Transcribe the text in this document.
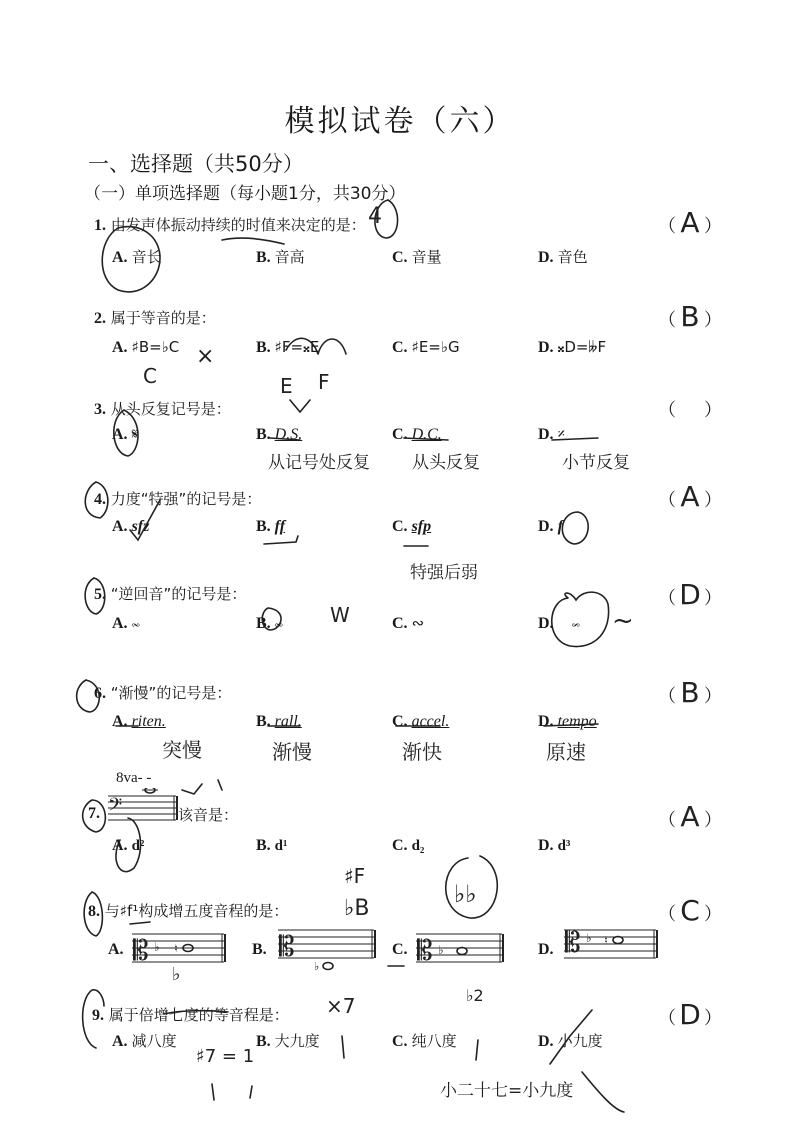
模拟试卷（六）
一、选择题（共50分）
（一）单项选择题（每小题1分，共30分）
1. 由发声体振动持续的时值来决定的是：	（ A ）
A. 音长	B. 音高	C. 音量	D. 音色
4
2. 属于等音的是：	（ B ）
A. ♯B=♭C	B. ♯F=𝄪E	C. ♯E=♭G	D. 𝄪D=𝄫F
C
×
E F
3. 从头反复记号是：	（ ）
A. 𝄋	B. D.S.	C. D.C.	D. 𝄎
从记号处反复 从头反复	小节反复
4. 力度“特强”的记号是：	（ A ）
A. sfz	B. ff	C. sfp	D. f
特强后弱
5. “逆回音”的记号是：	（ D ）
A. 𝆗	B. 𝆗	C. ∾	D. 𝆘
W	~
6. “渐慢”的记号是：	（ B ）
A. riten.	B. rall.	C. accel.	D. tempo
突慢	渐慢	渐快	原速
7.
8va- -
𝄢	该音是：	（ A ）
A. d²	B. d¹	C. d₂	D. d³
8. 与♯f¹构成增五度音程的是：	（ C ）
♯F
♭B
♭♭
♭
A. 𝄡 ♭ ♮	B. 𝄡
♭
C. 𝄡 ♭	D. 𝄡 ♭ ♮
9. 属于倍增七度的等音程是：	（ D ）
A. 减八度	B. 大九度	C. 纯八度	D. 小九度
×7
♯7 = 1
♭2
小二十七=小九度
